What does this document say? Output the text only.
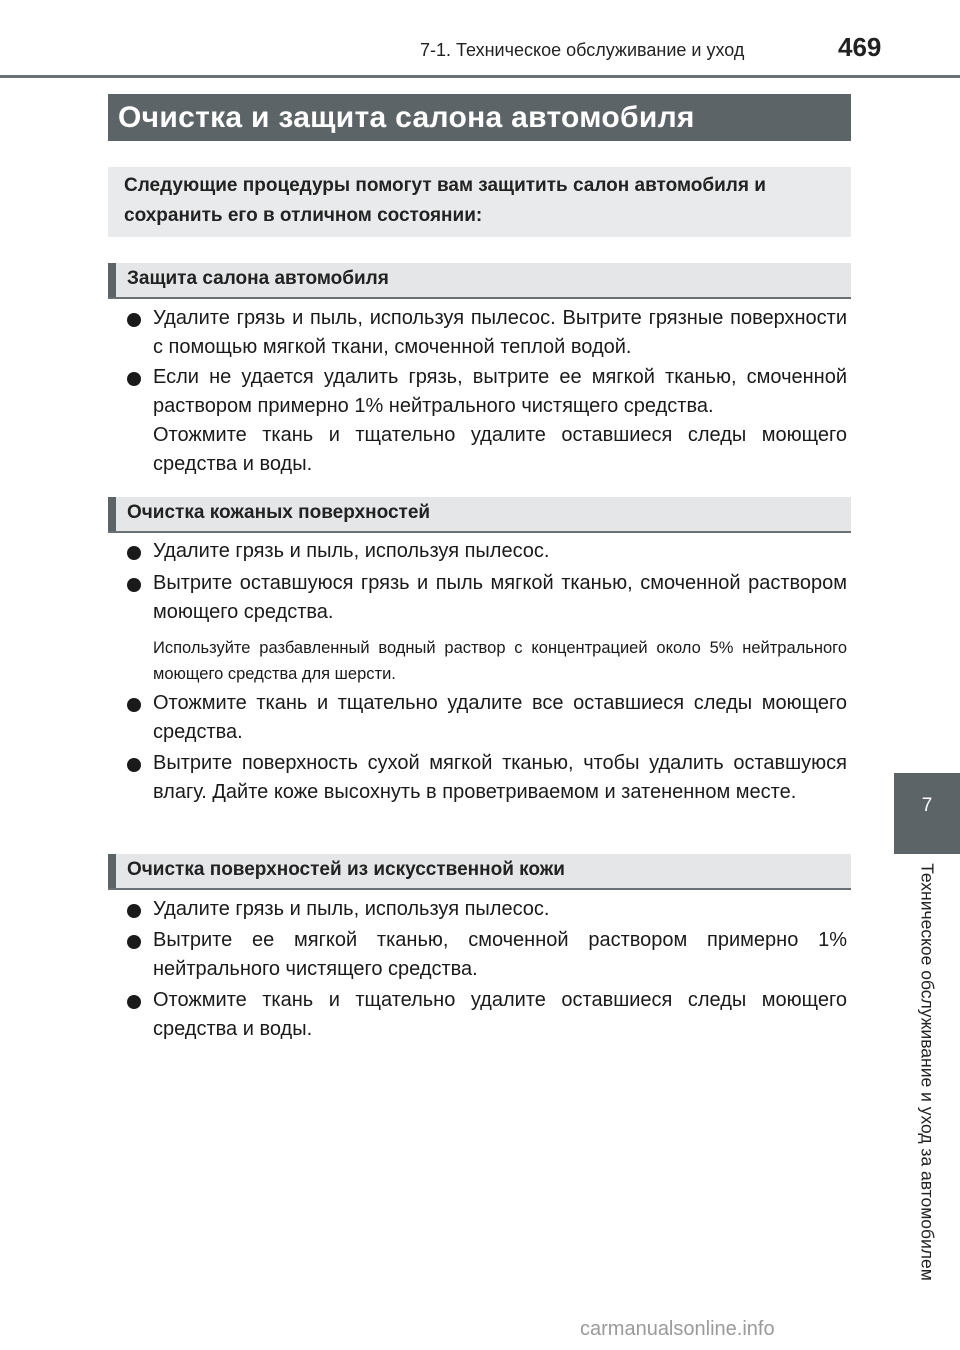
7-1. Техническое обслуживание и уход	469
Очистка и защита салона автомобиля
Следующие процедуры помогут вам защитить салон автомобиля и сохранить его в отличном состоянии:
Защита салона автомобиля
Удалите грязь и пыль, используя пылесос. Вытрите грязные поверхности с помощью мягкой ткани, смоченной теплой водой.
Если не удается удалить грязь, вытрите ее мягкой тканью, смоченной раствором примерно 1% нейтрального чистящего средства.
Отожмите ткань и тщательно удалите оставшиеся следы моющего средства и воды.
Очистка кожаных поверхностей
Удалите грязь и пыль, используя пылесос.
Вытрите оставшуюся грязь и пыль мягкой тканью, смоченной раствором моющего средства.
Используйте разбавленный водный раствор с концентрацией около 5% нейтрального моющего средства для шерсти.
Отожмите ткань и тщательно удалите все оставшиеся следы моющего средства.
Вытрите поверхность сухой мягкой тканью, чтобы удалить оставшуюся влагу. Дайте коже высохнуть в проветриваемом и затененном месте.
Очистка поверхностей из искусственной кожи
Удалите грязь и пыль, используя пылесос.
Вытрите ее мягкой тканью, смоченной раствором примерно 1% нейтрального чистящего средства.
Отожмите ткань и тщательно удалите оставшиеся следы моющего средства и воды.
7
Техническое обслуживание и уход за автомобилем
carmanualsonline.info
